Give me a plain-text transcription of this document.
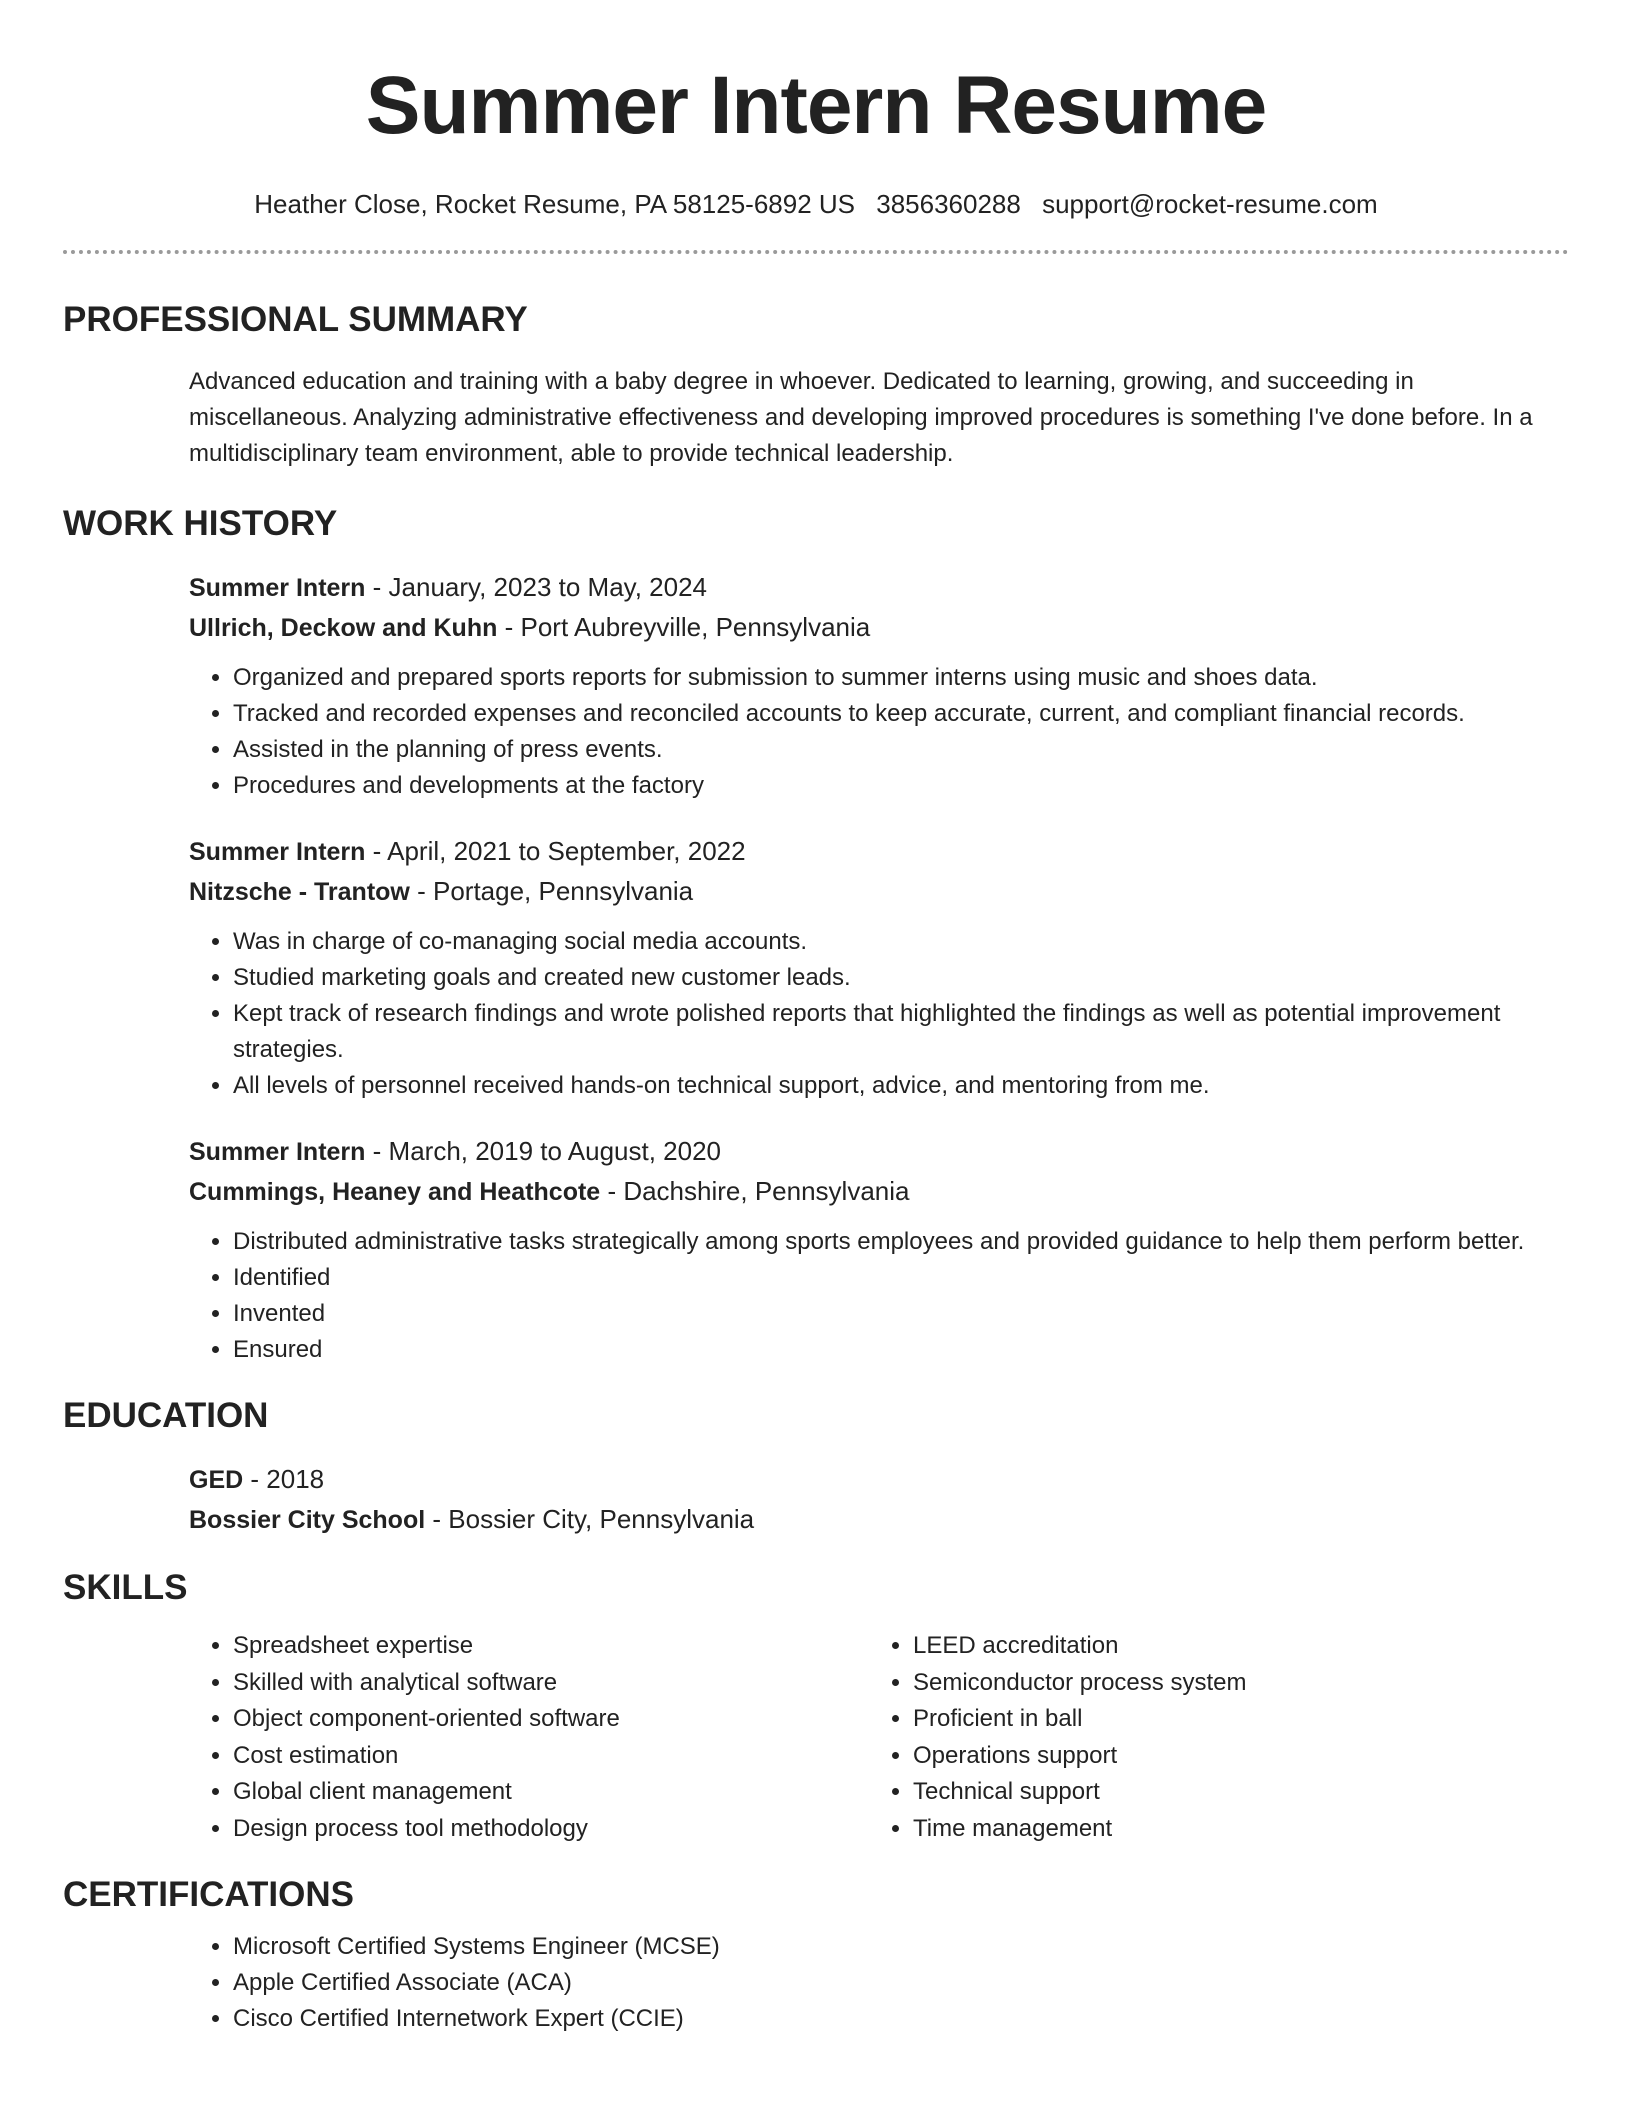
Summer Intern Resume
Heather Close, Rocket Resume, PA 58125-6892 US 3856360288 support@rocket-resume.com
PROFESSIONAL SUMMARY
Advanced education and training with a baby degree in whoever. Dedicated to learning, growing, and succeeding in miscellaneous. Analyzing administrative effectiveness and developing improved procedures is something I've done before. In a multidisciplinary team environment, able to provide technical leadership.
WORK HISTORY
Summer Intern - January, 2023 to May, 2024
Ullrich, Deckow and Kuhn - Port Aubreyville, Pennsylvania
• Organized and prepared sports reports for submission to summer interns using music and shoes data.
• Tracked and recorded expenses and reconciled accounts to keep accurate, current, and compliant financial records.
• Assisted in the planning of press events.
• Procedures and developments at the factory
Summer Intern - April, 2021 to September, 2022
Nitzsche - Trantow - Portage, Pennsylvania
• Was in charge of co-managing social media accounts.
• Studied marketing goals and created new customer leads.
• Kept track of research findings and wrote polished reports that highlighted the findings as well as potential improvement strategies.
• All levels of personnel received hands-on technical support, advice, and mentoring from me.
Summer Intern - March, 2019 to August, 2020
Cummings, Heaney and Heathcote - Dachshire, Pennsylvania
• Distributed administrative tasks strategically among sports employees and provided guidance to help them perform better.
• Identified
• Invented
• Ensured
EDUCATION
GED - 2018
Bossier City School - Bossier City, Pennsylvania
SKILLS
• Spreadsheet expertise
• Skilled with analytical software
• Object component-oriented software
• Cost estimation
• Global client management
• Design process tool methodology
• LEED accreditation
• Semiconductor process system
• Proficient in ball
• Operations support
• Technical support
• Time management
CERTIFICATIONS
• Microsoft Certified Systems Engineer (MCSE)
• Apple Certified Associate (ACA)
• Cisco Certified Internetwork Expert (CCIE)
